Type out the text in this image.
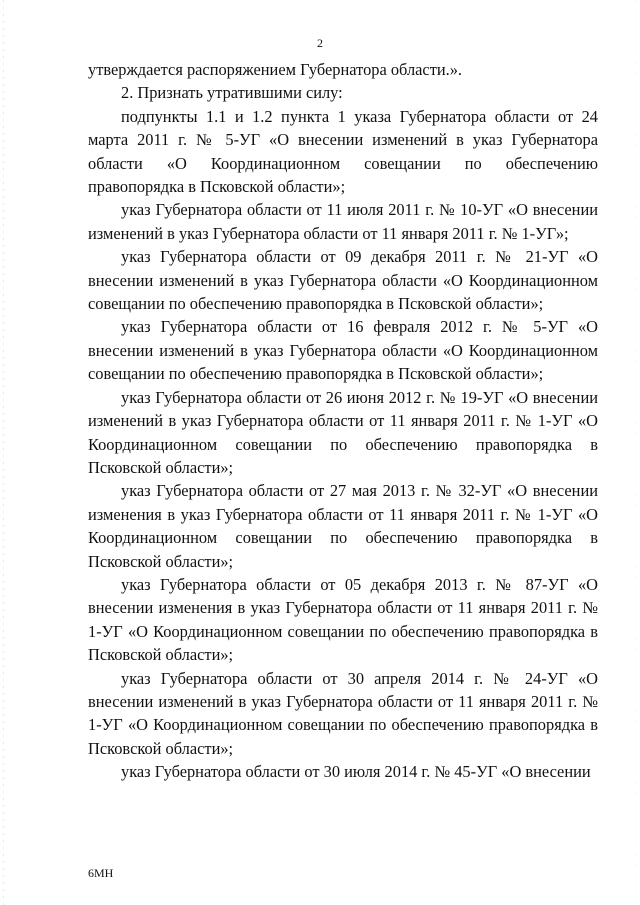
2

утверждается распоряжением Губернатора области.».

2. Признать утратившими силу:

подпункты 1.1 и 1.2 пункта 1 указа Губернатора области от 24 марта 2011 г. № 5-УГ «О внесении изменений в указ Губернатора области «О Координационном совещании по обеспечению правопорядка в Псковской области»;

указ Губернатора области от 11 июля 2011 г. № 10-УГ «О внесении изменений в указ Губернатора области от 11 января 2011 г. № 1-УГ»;

указ Губернатора области от 09 декабря 2011 г. № 21-УГ «О внесении изменений в указ Губернатора области «О Координационном совещании по обеспечению правопорядка в Псковской области»;

указ Губернатора области от 16 февраля 2012 г. № 5-УГ «О внесении изменений в указ Губернатора области «О Координационном совещании по обеспечению правопорядка в Псковской области»;

указ Губернатора области от 26 июня 2012 г. № 19-УГ «О внесении изменений в указ Губернатора области от 11 января 2011 г. № 1-УГ «О Координационном совещании по обеспечению правопорядка в Псковской области»;

указ Губернатора области от 27 мая 2013 г. № 32-УГ «О внесении изменения в указ Губернатора области от 11 января 2011 г. № 1-УГ «О Координационном совещании по обеспечению правопорядка в Псковской области»;

указ Губернатора области от 05 декабря 2013 г. № 87-УГ «О внесении изменения в указ Губернатора области от 11 января 2011 г. № 1-УГ «О Координационном совещании по обеспечению правопорядка в Псковской области»;

указ Губернатора области от 30 апреля 2014 г. № 24-УГ «О внесении изменений в указ Губернатора области от 11 января 2011 г. № 1-УГ «О Координационном совещании по обеспечению правопорядка в Псковской области»;

указ Губернатора области от 30 июля 2014 г. № 45-УГ «О внесении

6МН
